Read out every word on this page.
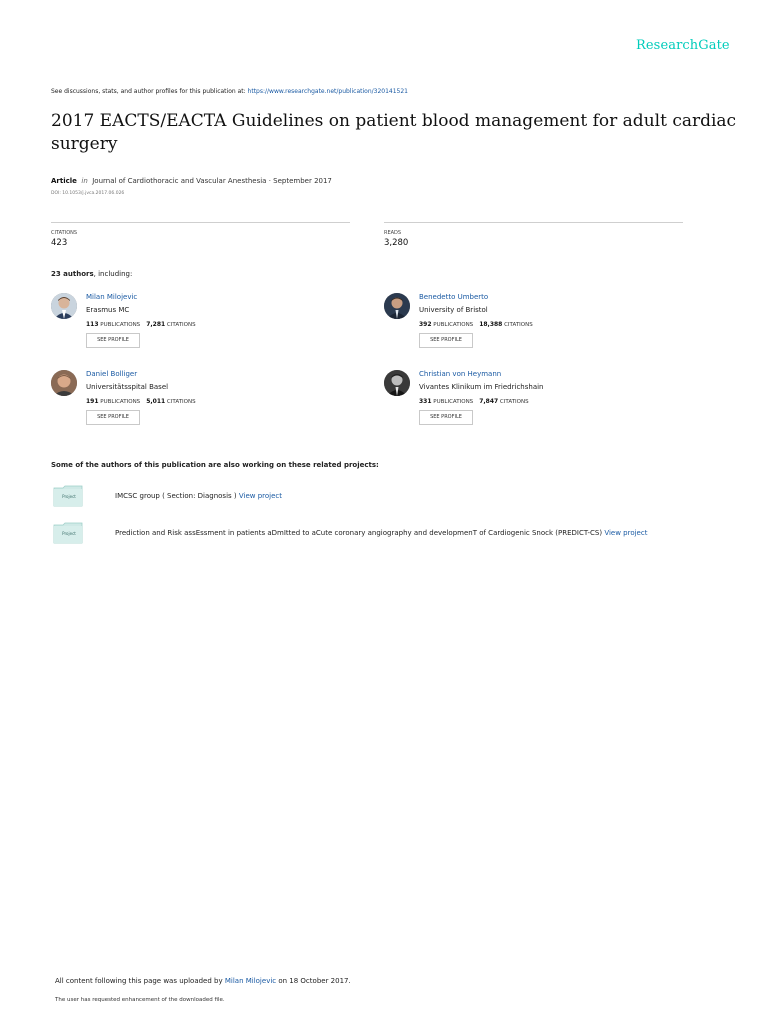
ResearchGate
See discussions, stats, and author profiles for this publication at: https://www.researchgate.net/publication/320141521
2017 EACTS/EACTA Guidelines on patient blood management for adult cardiac surgery
Article in Journal of Cardiothoracic and Vascular Anesthesia · September 2017
DOI: 10.1053/j.jvca.2017.06.026
CITATIONS
423
READS
3,280
23 authors, including:
Milan Milojevic
Erasmus MC
113 PUBLICATIONS 7,281 CITATIONS
SEE PROFILE
Benedetto Umberto
University of Bristol
392 PUBLICATIONS 18,388 CITATIONS
SEE PROFILE
Daniel Bolliger
Universitätsspital Basel
191 PUBLICATIONS 5,011 CITATIONS
SEE PROFILE
Christian von Heymann
Vivantes Klinikum im Friedrichshain
331 PUBLICATIONS 7,847 CITATIONS
SEE PROFILE
Some of the authors of this publication are also working on these related projects:
Project	IMCSC group ( Section: Diagnosis ) View project
Project	Prediction and Risk assEssment in patients aDmItted to aCute coronary angiography and developmenT of Cardiogenic Snock (PREDICT-CS) View project
All content following this page was uploaded by Milan Milojevic on 18 October 2017.
The user has requested enhancement of the downloaded file.
